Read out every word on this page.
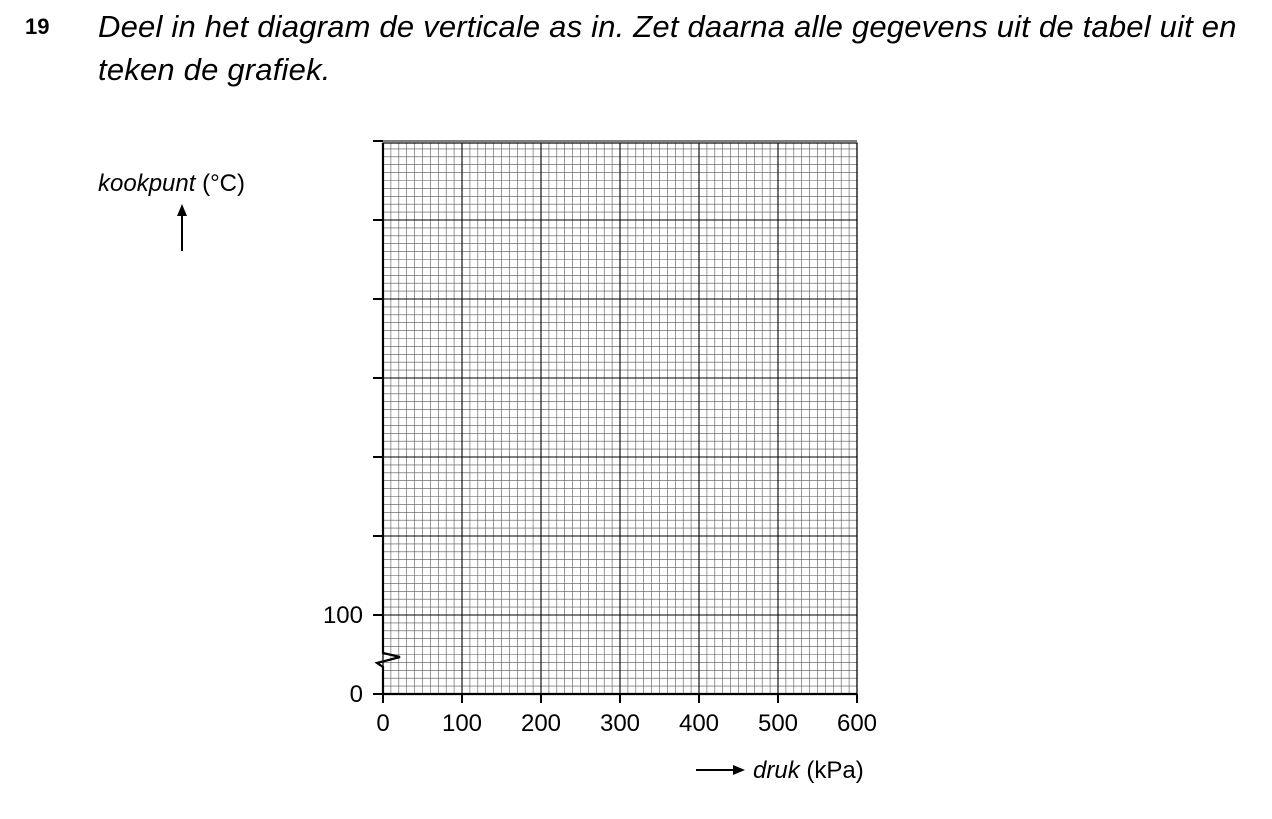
19 Deel in het diagram de verticale as in. Zet daarna alle gegevens uit de tabel uit en teken de grafiek.
0 100 200 300 400 500 600
0
100
kookpunt (°C)
druk (kPa)
